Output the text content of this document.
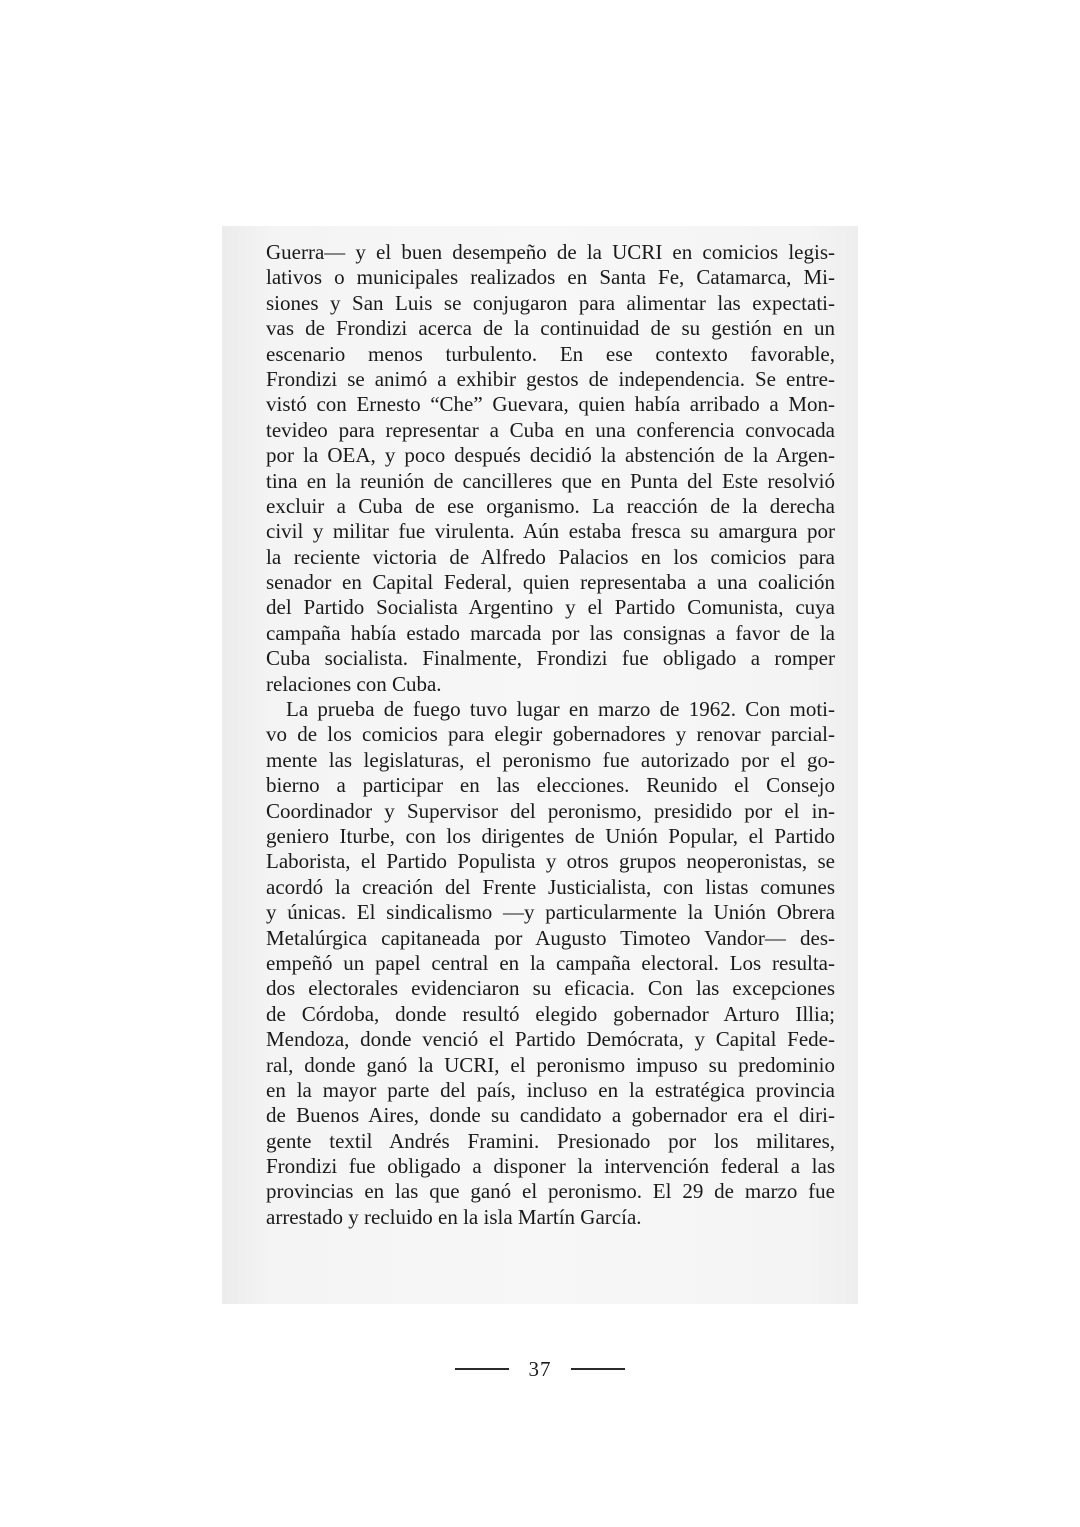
Guerra— y el buen desempeño de la UCRI en comicios legis-
lativos o municipales realizados en Santa Fe, Catamarca, Mi-
siones y San Luis se conjugaron para alimentar las expectati-
vas de Frondizi acerca de la continuidad de su gestión en un
escenario menos turbulento. En ese contexto favorable,
Frondizi se animó a exhibir gestos de independencia. Se entre-
vistó con Ernesto “Che” Guevara, quien había arribado a Mon-
tevideo para representar a Cuba en una conferencia convocada
por la OEA, y poco después decidió la abstención de la Argen-
tina en la reunión de cancilleres que en Punta del Este resolvió
excluir a Cuba de ese organismo. La reacción de la derecha
civil y militar fue virulenta. Aún estaba fresca su amargura por
la reciente victoria de Alfredo Palacios en los comicios para
senador en Capital Federal, quien representaba a una coalición
del Partido Socialista Argentino y el Partido Comunista, cuya
campaña había estado marcada por las consignas a favor de la
Cuba socialista. Finalmente, Frondizi fue obligado a romper
relaciones con Cuba.
La prueba de fuego tuvo lugar en marzo de 1962. Con moti-
vo de los comicios para elegir gobernadores y renovar parcial-
mente las legislaturas, el peronismo fue autorizado por el go-
bierno a participar en las elecciones. Reunido el Consejo
Coordinador y Supervisor del peronismo, presidido por el in-
geniero Iturbe, con los dirigentes de Unión Popular, el Partido
Laborista, el Partido Populista y otros grupos neoperonistas, se
acordó la creación del Frente Justicialista, con listas comunes
y únicas. El sindicalismo —y particularmente la Unión Obrera
Metalúrgica capitaneada por Augusto Timoteo Vandor— des-
empeñó un papel central en la campaña electoral. Los resulta-
dos electorales evidenciaron su eficacia. Con las excepciones
de Córdoba, donde resultó elegido gobernador Arturo Illia;
Mendoza, donde venció el Partido Demócrata, y Capital Fede-
ral, donde ganó la UCRI, el peronismo impuso su predominio
en la mayor parte del país, incluso en la estratégica provincia
de Buenos Aires, donde su candidato a gobernador era el diri-
gente textil Andrés Framini. Presionado por los militares,
Frondizi fue obligado a disponer la intervención federal a las
provincias en las que ganó el peronismo. El 29 de marzo fue
arrestado y recluido en la isla Martín García.
37
